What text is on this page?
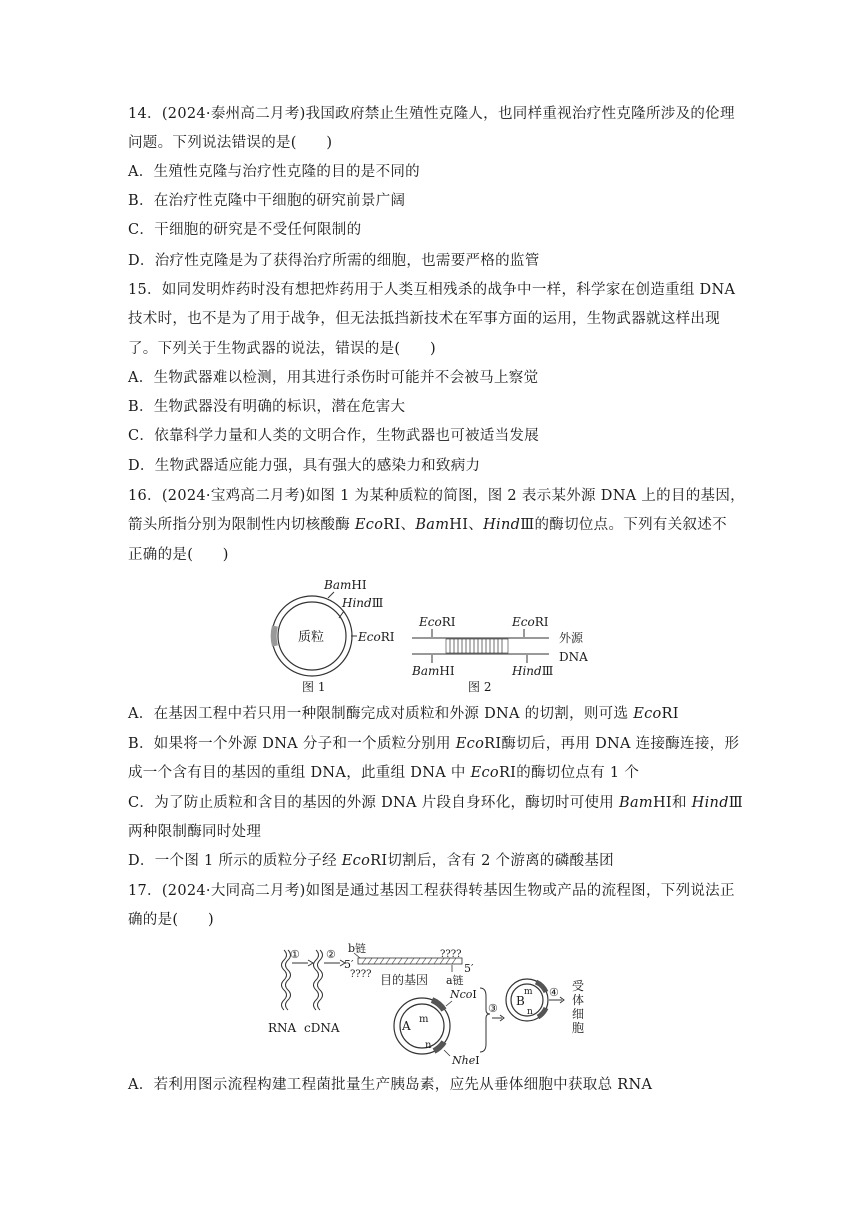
14．(2024·泰州高二月考)我国政府禁止生殖性克隆人，也同样重视治疗性克隆所涉及的伦理
问题。下列说法错误的是(　　)
A．生殖性克隆与治疗性克隆的目的是不同的
B．在治疗性克隆中干细胞的研究前景广阔
C．干细胞的研究是不受任何限制的
D．治疗性克隆是为了获得治疗所需的细胞，也需要严格的监管
15．如同发明炸药时没有想把炸药用于人类互相残杀的战争中一样，科学家在创造重组 DNA
技术时，也不是为了用于战争，但无法抵挡新技术在军事方面的运用，生物武器就这样出现
了。下列关于生物武器的说法，错误的是(　　)
A．生物武器难以检测，用其进行杀伤时可能并不会被马上察觉
B．生物武器没有明确的标识，潜在危害大
C．依靠科学力量和人类的文明合作，生物武器也可被适当发展
D．生物武器适应能力强，具有强大的感染力和致病力
16．(2024·宝鸡高二月考)如图 1 为某种质粒的简图，图 2 表示某外源 DNA 上的目的基因，
箭头所指分别为限制性内切核酸酶 EcoRⅠ、BamHⅠ、HindⅢ的酶切位点。下列有关叙述不
正确的是(　　)
质粒
BamHⅠ
HindⅢ
EcoRⅠ
图 1
EcoRⅠ	EcoRⅠ
BamHⅠ	HindⅢ
外源
DNA
图 2
A．在基因工程中若只用一种限制酶完成对质粒和外源 DNA 的切割，则可选 EcoRⅠ
B．如果将一个外源 DNA 分子和一个质粒分别用 EcoRⅠ酶切后，再用 DNA 连接酶连接，形
成一个含有目的基因的重组 DNA，此重组 DNA 中 EcoRⅠ的酶切位点有 1 个
C．为了防止质粒和含目的基因的外源 DNA 片段自身环化，酶切时可使用 BamHⅠ和 HindⅢ
两种限制酶同时处理
D．一个图 1 所示的质粒分子经 EcoRⅠ切割后，含有 2 个游离的磷酸基团
17．(2024·大同高二月考)如图是通过基因工程获得转基因生物或产品的流程图，下列说法正
确的是(　　)
① ②
RNA cDNA
b链
5′
????
????
5′
目的基因 a链
A m
n
NcoⅠ
NheⅠ
③
B
m
n
④ 受
体
细
胞
A．若利用图示流程构建工程菌批量生产胰岛素，应先从垂体细胞中获取总 RNA
